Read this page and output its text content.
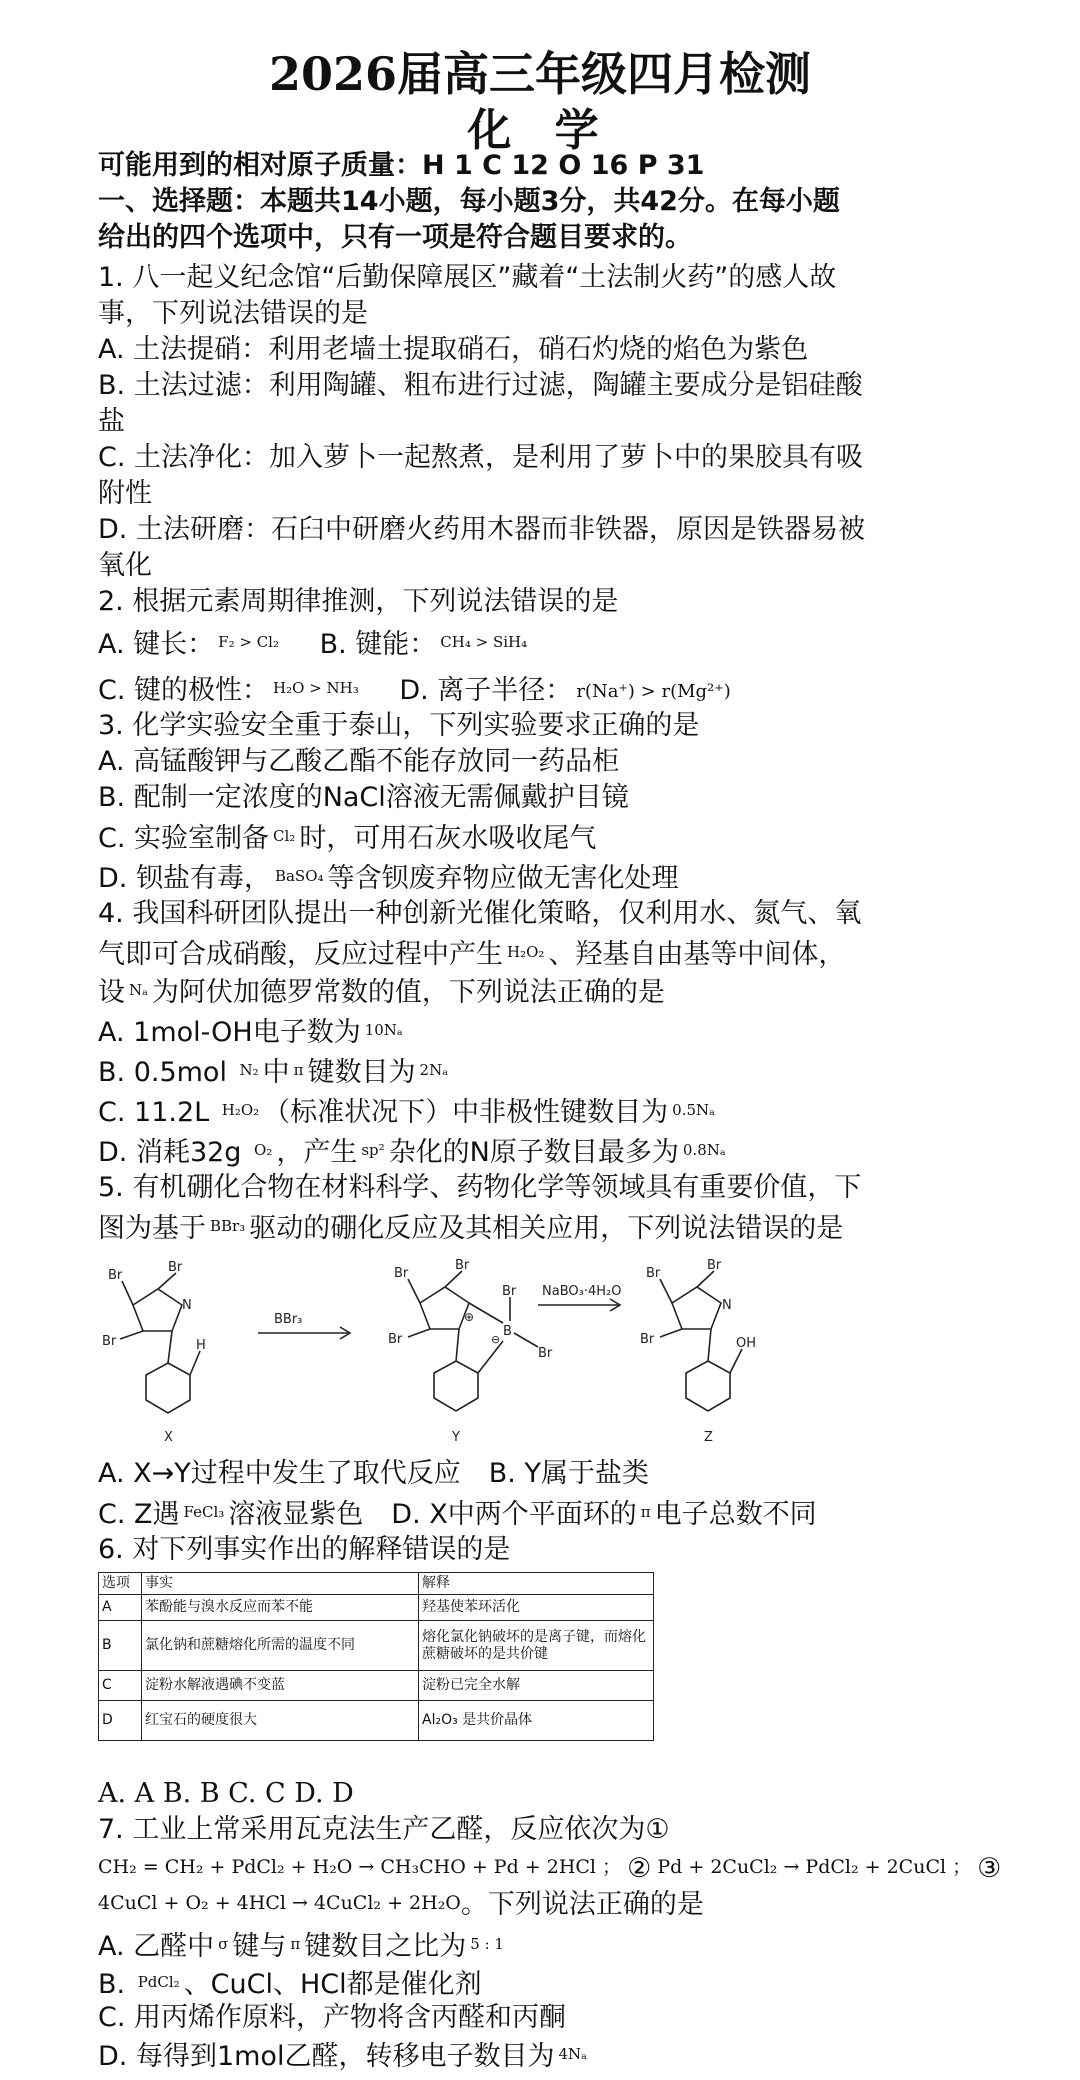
2026届高三年级四月检测
化 学
可能用到的相对原子质量：H 1 C 12 O 16 P 31
一、选择题：本题共14小题，每小题3分，共42分。在每小题
给出的四个选项中，只有一项是符合题目要求的。
1. 八一起义纪念馆“后勤保障展区”藏着“土法制火药”的感人故
事，下列说法错误的是
A. 土法提硝：利用老墙土提取硝石，硝石灼烧的焰色为紫色
B. 土法过滤：利用陶罐、粗布进行过滤，陶罐主要成分是铝硅酸
盐
C. 土法净化：加入萝卜一起熬煮，是利用了萝卜中的果胶具有吸
附性
D. 土法研磨：石臼中研磨火药用木器而非铁器，原因是铁器易被
氧化
2. 根据元素周期律推测，下列说法错误的是
A. 键长： F₂ > Cl₂ B. 键能： CH₄ > SiH₄
C. 键的极性： H₂O > NH₃ D. 离子半径： r(Na⁺) > r(Mg²⁺)
3. 化学实验安全重于泰山，下列实验要求正确的是
A. 高锰酸钾与乙酸乙酯不能存放同一药品柜
B. 配制一定浓度的NaCl溶液无需佩戴护目镜
C. 实验室制备 Cl₂ 时，可用石灰水吸收尾气
D. 钡盐有毒， BaSO₄ 等含钡废弃物应做无害化处理
4. 我国科研团队提出一种创新光催化策略，仅利用水、氮气、氧
气即可合成硝酸，反应过程中产生 H₂O₂ 、羟基自由基等中间体，
设 Nₐ 为阿伏加德罗常数的值，下列说法正确的是
A. 1mol-OH电子数为 10Nₐ
B. 0.5mol N₂ 中 π 键数目为 2Nₐ
C. 11.2L H₂O₂ （标准状况下）中非极性键数目为 0.5Nₐ
D. 消耗32g O₂ ，产生 sp² 杂化的N原子数目最多为 0.8Nₐ
5. 有机硼化合物在材料科学、药物化学等领域具有重要价值，下
图为基于 BBr₃ 驱动的硼化反应及其相关应用，下列说法错误的是
Br
Br
Br
N
H
BBr₃
Br
Br
Br
⊕
B
⊖
Br
Br
NaBO₃·4H₂O
Br
Br
Br
N
OH
X	Y	Z
A. X→Y过程中发生了取代反应 B. Y属于盐类
C. Z遇 FeCl₃ 溶液显紫色 D. X中两个平面环的 π 电子总数不同
6. 对下列事实作出的解释错误的是
选项	事实	解释
A	苯酚能与溴水反应而苯不能	羟基使苯环活化
B	氯化钠和蔗糖熔化所需的温度不同	熔化氯化钠破坏的是离子键，而熔化蔗糖破坏的是共价键
C	淀粉水解液遇碘不变蓝	淀粉已完全水解
D	红宝石的硬度很大	Al₂O₃ 是共价晶体
A. A B. B C. C D. D
7. 工业上常采用瓦克法生产乙醛，反应依次为①
CH₂ = CH₂ + PdCl₂ + H₂O → CH₃CHO + Pd + 2HCl ； ② Pd + 2CuCl₂ → PdCl₂ + 2CuCl ； ③
4CuCl + O₂ + 4HCl → 4CuCl₂ + 2H₂O。下列说法正确的是
A. 乙醛中 σ 键与 π 键数目之比为 5 : 1
B. PdCl₂ 、CuCl、HCl都是催化剂
C. 用丙烯作原料，产物将含丙醛和丙酮
D. 每得到1mol乙醛，转移电子数目为 4Nₐ
